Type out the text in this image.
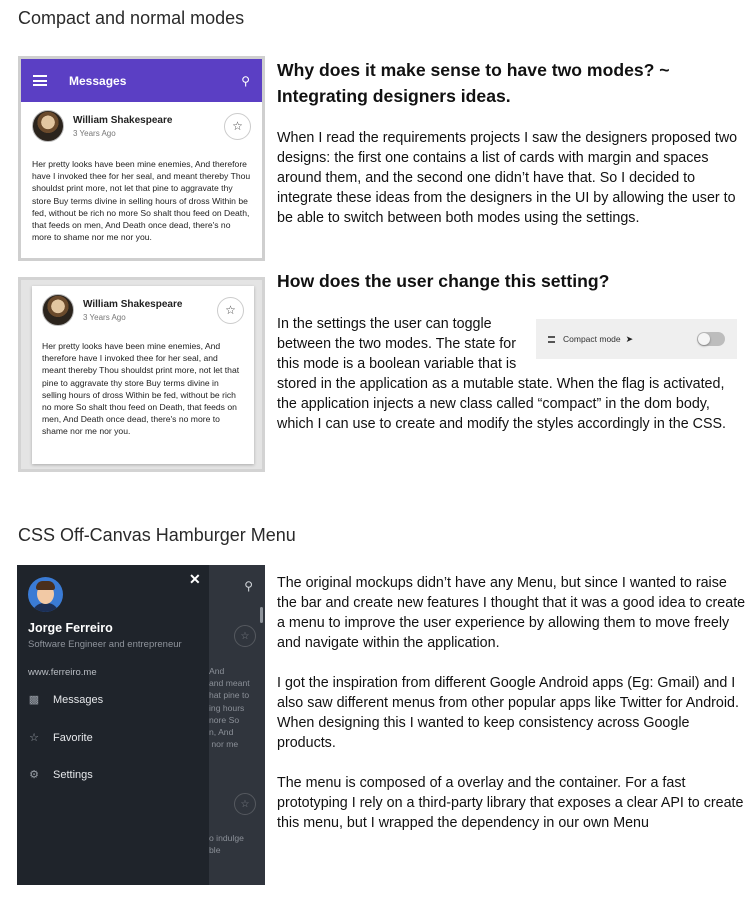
Compact and normal modes
Messages	⚲
William Shakespeare
3 Years Ago	☆
Her pretty looks have been mine enemies, And therefore have I invoked thee for her seal, and meant thereby Thou shouldst print more, not let that pine to aggravate thy store Buy terms divine in selling hours of dross Within be fed, without be rich no more So shalt thou feed on Death, that feeds on men, And Death once dead, there's no more to shame nor me nor you.
William Shakespeare
3 Years Ago	☆
Her pretty looks have been mine enemies, And therefore have I invoked thee for her seal, and meant thereby Thou shouldst print more, not let that pine to aggravate thy store Buy terms divine in selling hours of dross Within be fed, without be rich no more So shalt thou feed on Death, that feeds on men, And Death once dead, there's no more to shame nor me nor you.
Why does it make sense to have two modes? ~ Integrating designers ideas.

When I read the requirements projects I saw the designers proposed two designs: the first one contains a list of cards with margin and spaces around them, and the second one didn’t have that. So I decided to integrate these ideas from the designers in the UI by allowing the user to be able to switch between both modes using the settings.

How does the user change this setting?

In the settings the user can toggle

between the two modes. The state for

this mode is a boolean variable that is

stored in the application as a mutable state. When the flag is activated, the application injects a new class called “compact” in the dom body, which I can use to create and modify the styles accordingly in the CSS.

Compact mode ➤
CSS Off-Canvas Hamburger Menu
⚲
☆
And
and meant
hat pine to
ing hours
nore So
n, And
nor me
☆
o indulge
ble
Jorge Ferreiro
Software Engineer and entrepreneur
www.ferreiro.me
▩ Messages
☆ Favorite
⚙ Settings
✕	The original mockups didn’t have any Menu, but since I wanted to raise the bar and create new features I thought that it was a good idea to create a menu to improve the user experience by allowing them to move freely and navigate within the application.

I got the inspiration from different Google Android apps (Eg: Gmail) and I also saw different menus from other popular apps like Twitter for Android. When designing this I wanted to keep consistency across Google products.

The menu is composed of a overlay and the container. For a fast prototyping I rely on a third-party library that exposes a clear API to create this menu, but I wrapped the dependency in our own Menu
